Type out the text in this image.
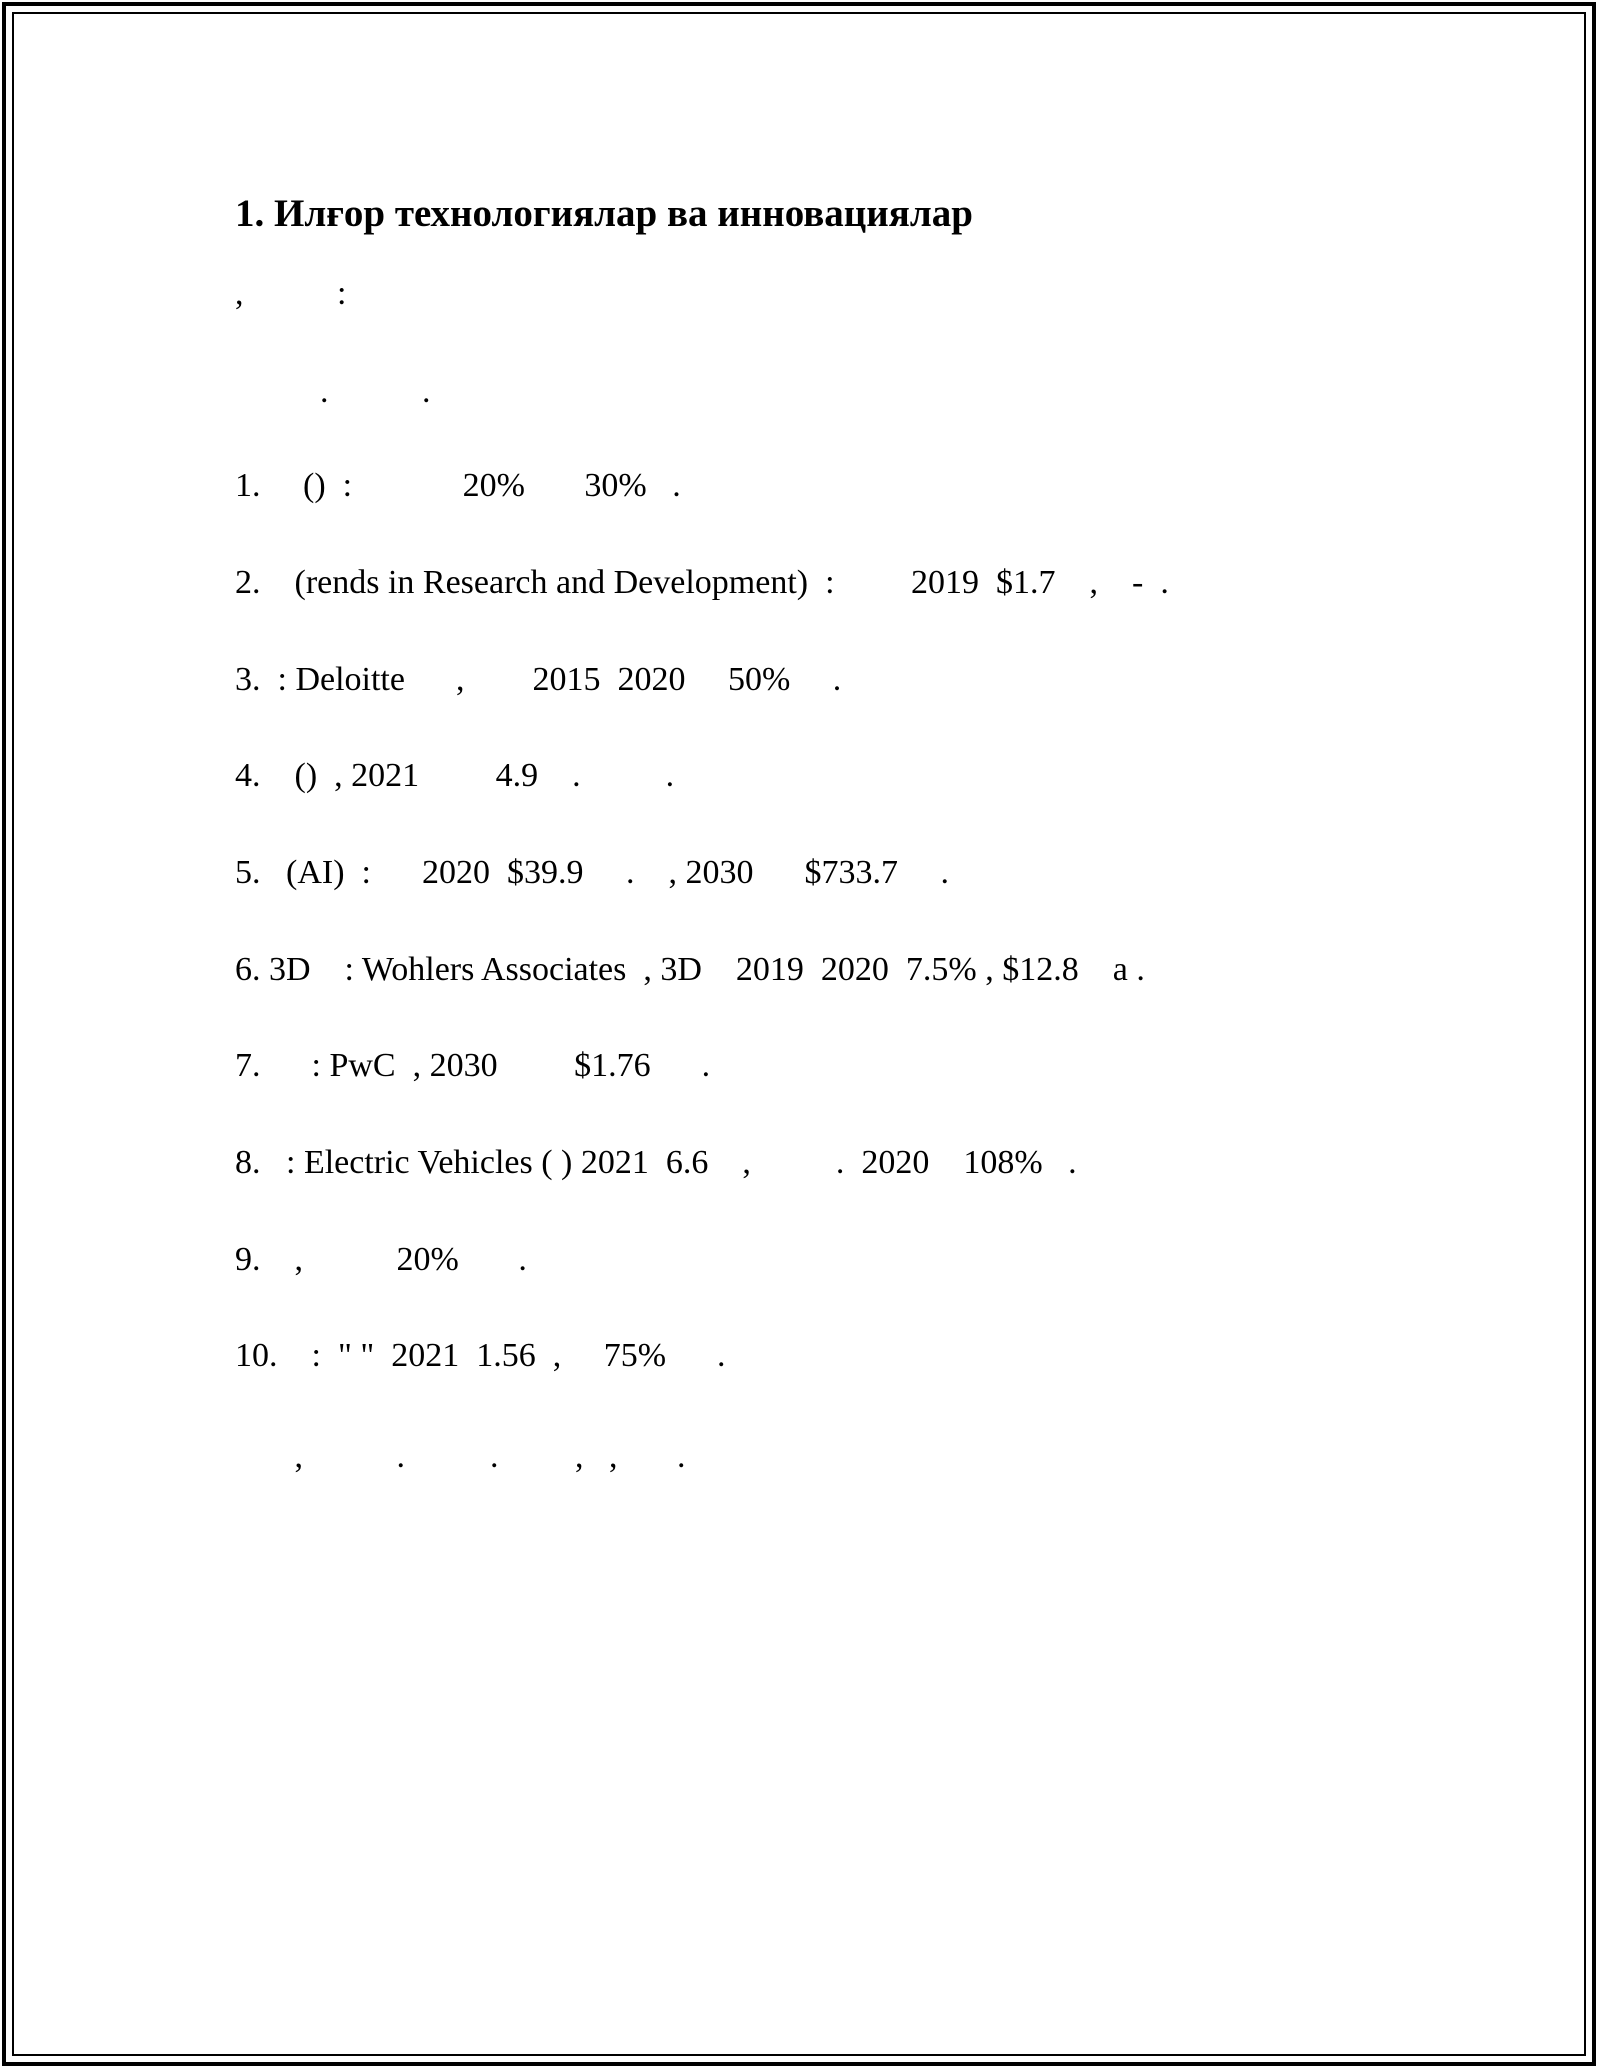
1. Илғор технологиялар ва инновациялар
,           :
.           .
1.     ()  :             20%       30%   .
2.    (rends in Research and Development)  :         2019  $1.7    ,    -  .
3.  : Deloitte      ,        2015  2020     50%     .
4.    ()  , 2021         4.9    .          .
5.   (AI)  :      2020  $39.9     .    , 2030      $733.7     .
6. 3D    : Wohlers Associates  , 3D    2019  2020  7.5% , $12.8    a .
7.      : PwC  , 2030         $1.76      .
8.   : Electric Vehicles ( ) 2021  6.6    ,          .  2020    108%   .
9.    ,           20%       .
10.    :  " "  2021  1.56  ,     75%      .
,           .          .         ,   ,       .
